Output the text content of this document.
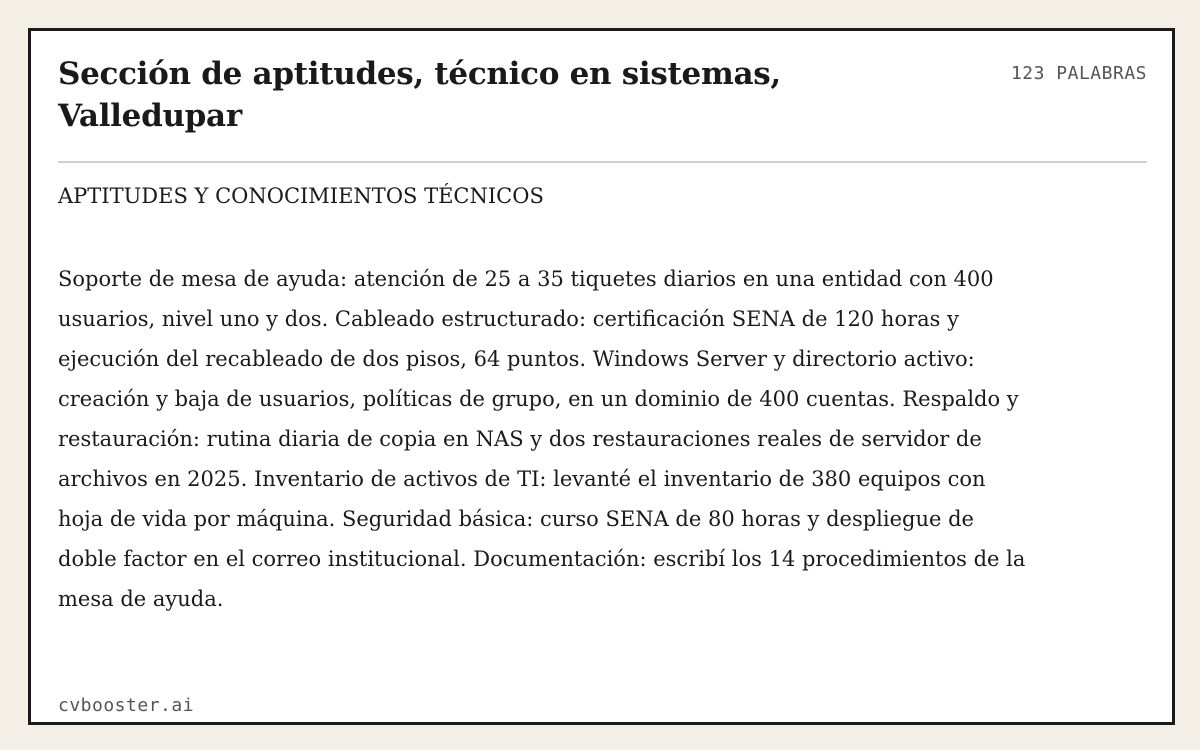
Sección de aptitudes, técnico en sistemas, Valledupar
123 PALABRAS
APTITUDES Y CONOCIMIENTOS TÉCNICOS

Soporte de mesa de ayuda: atención de 25 a 35 tiquetes diarios en una entidad con 400 usuarios, nivel uno y dos. Cableado estructurado: certificación SENA de 120 horas y ejecución del recableado de dos pisos, 64 puntos. Windows Server y directorio activo: creación y baja de usuarios, políticas de grupo, en un dominio de 400 cuentas. Respaldo y restauración: rutina diaria de copia en NAS y dos restauraciones reales de servidor de archivos en 2025. Inventario de activos de TI: levanté el inventario de 380 equipos con hoja de vida por máquina. Seguridad básica: curso SENA de 80 horas y despliegue de doble factor en el correo institucional. Documentación: escribí los 14 procedimientos de la mesa de ayuda.

cvbooster.ai
